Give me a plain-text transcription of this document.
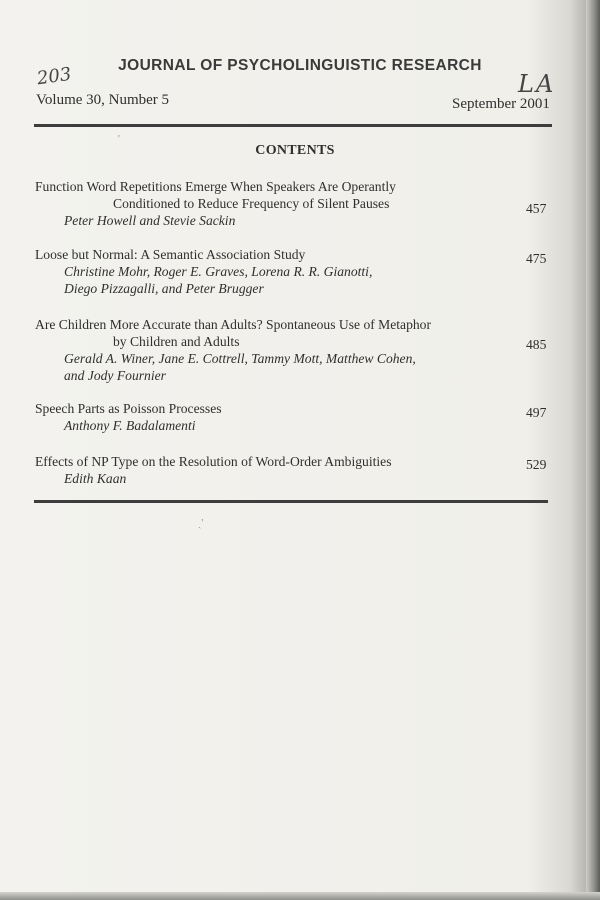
203	LA
JOURNAL OF PSYCHOLINGUISTIC RESEARCH
Volume 30, Number 5	September 2001
'
ˏ'
CONTENTS
Function Word Repetitions Emerge When Speakers Are Operantly
Conditioned to Reduce Frequency of Silent Pauses
Peter Howell and Stevie Sackin
457
Loose but Normal: A Semantic Association Study
Christine Mohr, Roger E. Graves, Lorena R. R. Gianotti,
Diego Pizzagalli, and Peter Brugger
475
Are Children More Accurate than Adults? Spontaneous Use of Metaphor
by Children and Adults
Gerald A. Winer, Jane E. Cottrell, Tammy Mott, Matthew Cohen,
and Jody Fournier
485
Speech Parts as Poisson Processes
Anthony F. Badalamenti
497
Effects of NP Type on the Resolution of Word-Order Ambiguities
Edith Kaan
529
